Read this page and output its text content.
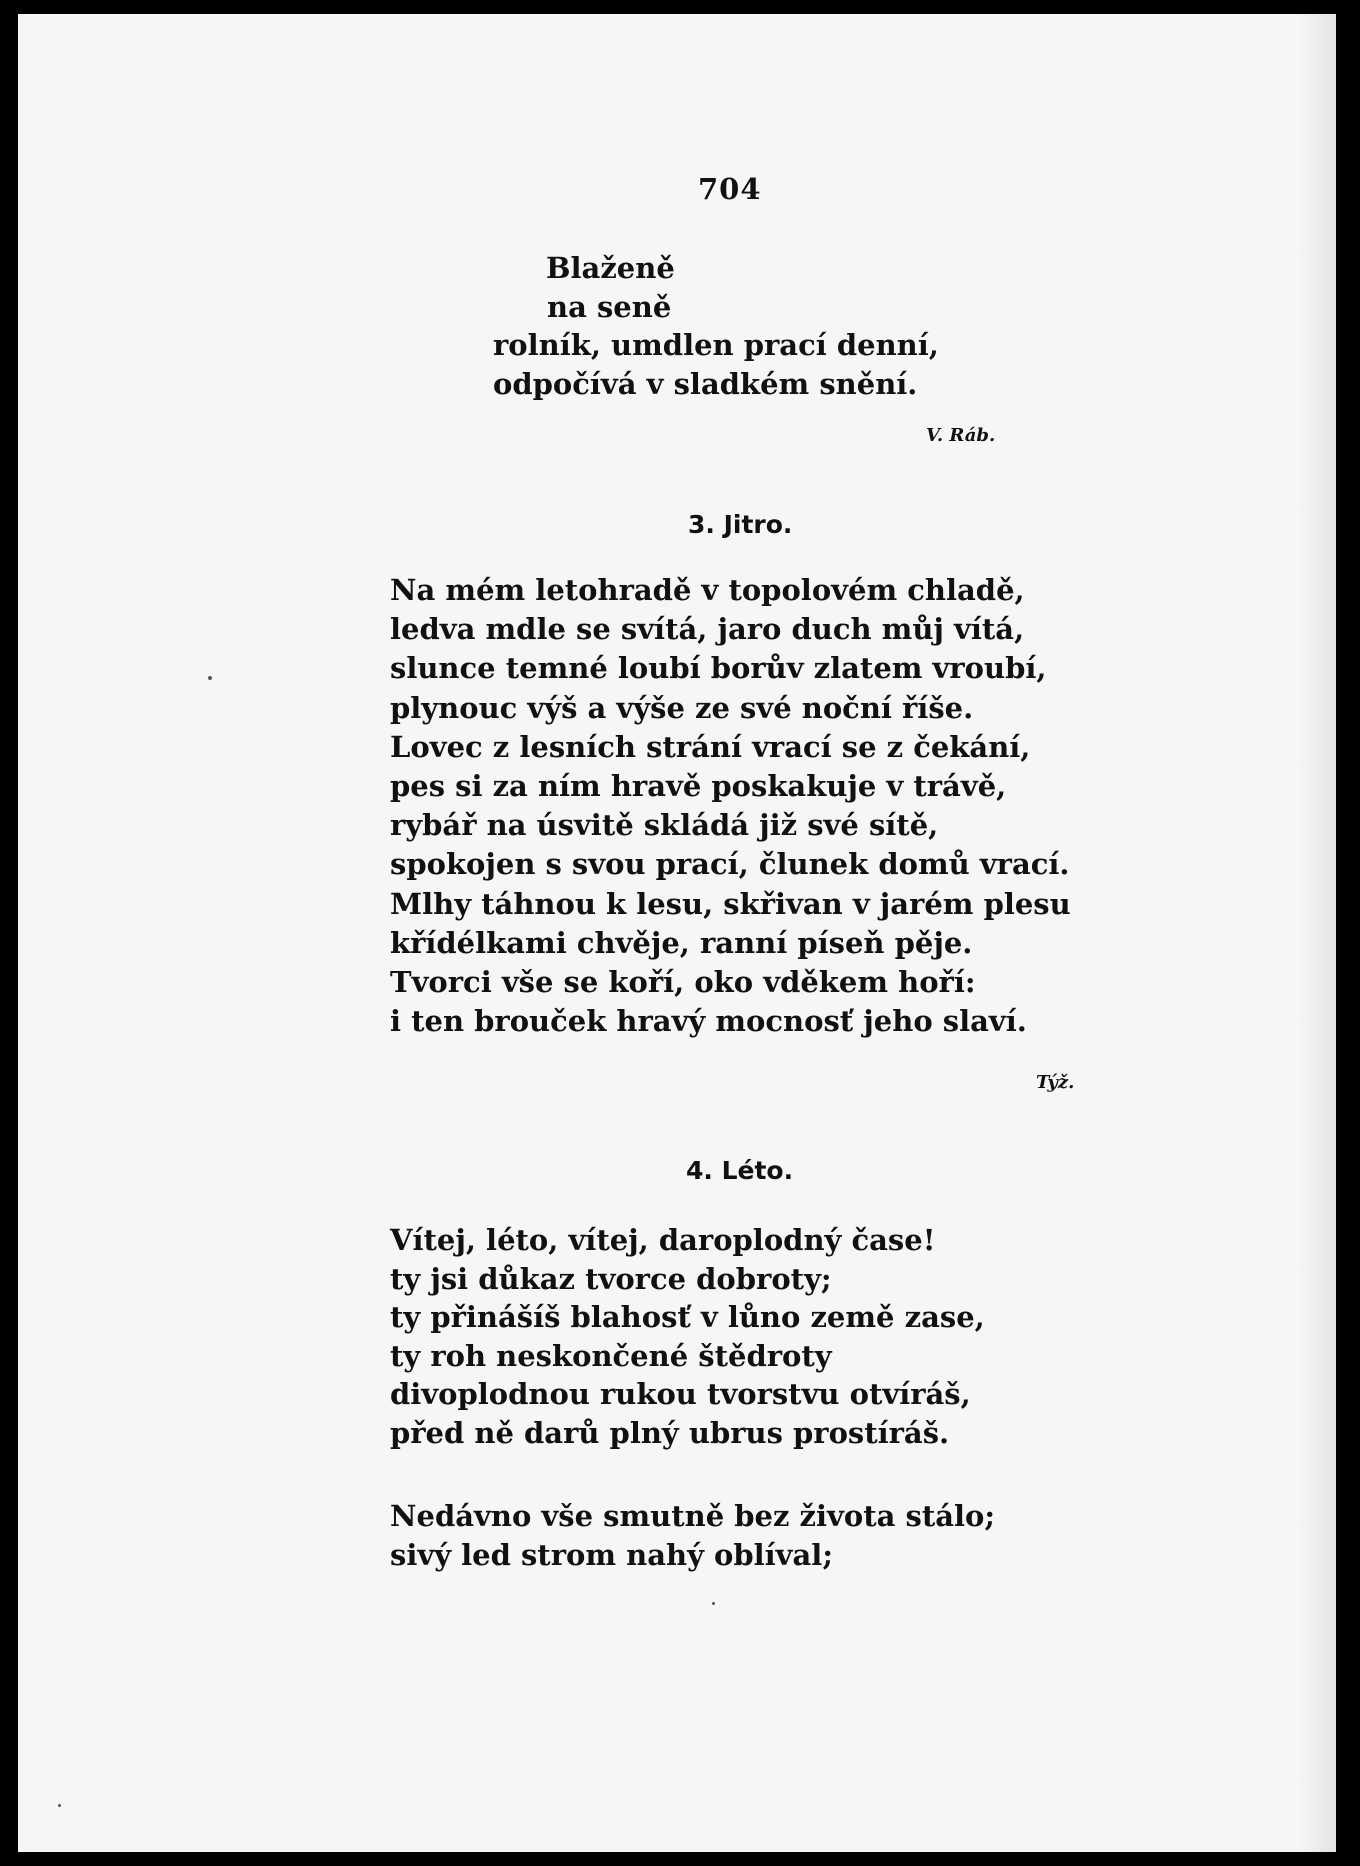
704
Blaženě
na seně
rolník, umdlen prací denní,
odpočívá v sladkém snění.
V. Ráb.
3. Jitro.
Na mém letohradě v topolovém chladě,
ledva mdle se svítá, jaro duch můj vítá,
slunce temné loubí borův zlatem vroubí,
plynouc výš a výše ze své noční říše.
Lovec z lesních strání vrací se z čekání,
pes si za ním hravě poskakuje v trávě,
rybář na úsvitě skládá již své sítě,
spokojen s svou prací, člunek domů vrací.
Mlhy táhnou k lesu, skřivan v jarém plesu
křídélkami chvěje, ranní píseň pěje.
Tvorci vše se koří, oko vděkem hoří:
i ten brouček hravý mocnosť jeho slaví.
Týž.
4. Léto.
Vítej, léto, vítej, daroplodný čase!
ty jsi důkaz tvorce dobroty;
ty přinášíš blahosť v lůno země zase,
ty roh neskončené štědroty
divoplodnou rukou tvorstvu otvíráš,
před ně darů plný ubrus prostíráš.
Nedávno vše smutně bez života stálo;
sivý led strom nahý oblíval;
